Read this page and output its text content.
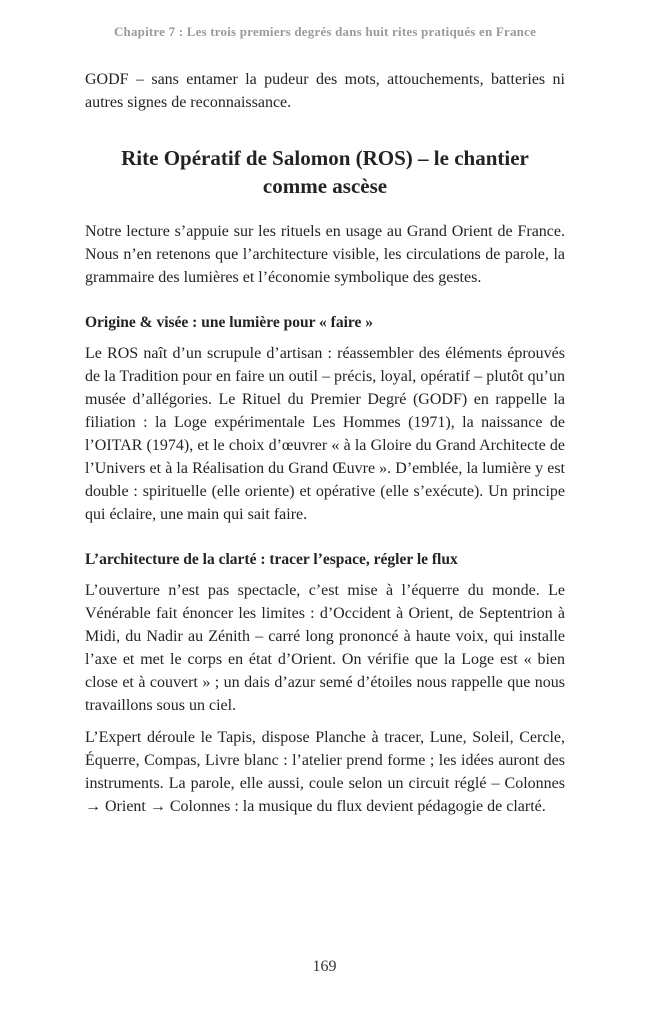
Chapitre 7 : Les trois premiers degrés dans huit rites pratiqués en France
GODF – sans entamer la pudeur des mots, attouchements, batteries ni autres signes de reconnaissance.
Rite Opératif de Salomon (ROS) – le chantier
comme ascèse
Notre lecture s’appuie sur les rituels en usage au Grand Orient de France. Nous n’en retenons que l’architecture visible, les circulations de parole, la grammaire des lumières et l’économie symbolique des gestes.
Origine & visée : une lumière pour « faire »
Le ROS naît d’un scrupule d’artisan : réassembler des éléments éprouvés de la Tradition pour en faire un outil – précis, loyal, opératif – plutôt qu’un musée d’allégories. Le Rituel du Premier Degré (GODF) en rappelle la filiation : la Loge expérimentale Les Hommes (1971), la naissance de l’OITAR (1974), et le choix d’œuvrer « à la Gloire du Grand Architecte de l’Univers et à la Réalisation du Grand Œuvre ». D’emblée, la lumière y est double : spirituelle (elle oriente) et opérative (elle s’exécute). Un principe qui éclaire, une main qui sait faire.
L’architecture de la clarté : tracer l’espace, régler le flux
L’ouverture n’est pas spectacle, c’est mise à l’équerre du monde. Le Vénérable fait énoncer les limites : d’Occident à Orient, de Septentrion à Midi, du Nadir au Zénith – carré long prononcé à haute voix, qui installe l’axe et met le corps en état d’Orient. On vérifie que la Loge est « bien close et à couvert » ; un dais d’azur semé d’étoiles nous rappelle que nous travaillons sous un ciel.
L’Expert déroule le Tapis, dispose Planche à tracer, Lune, Soleil, Cercle, Équerre, Compas, Livre blanc : l’atelier prend forme ; les idées auront des instruments. La parole, elle aussi, coule selon un circuit réglé – Colonnes → Orient → Colonnes : la musique du flux devient pédagogie de clarté.
169
